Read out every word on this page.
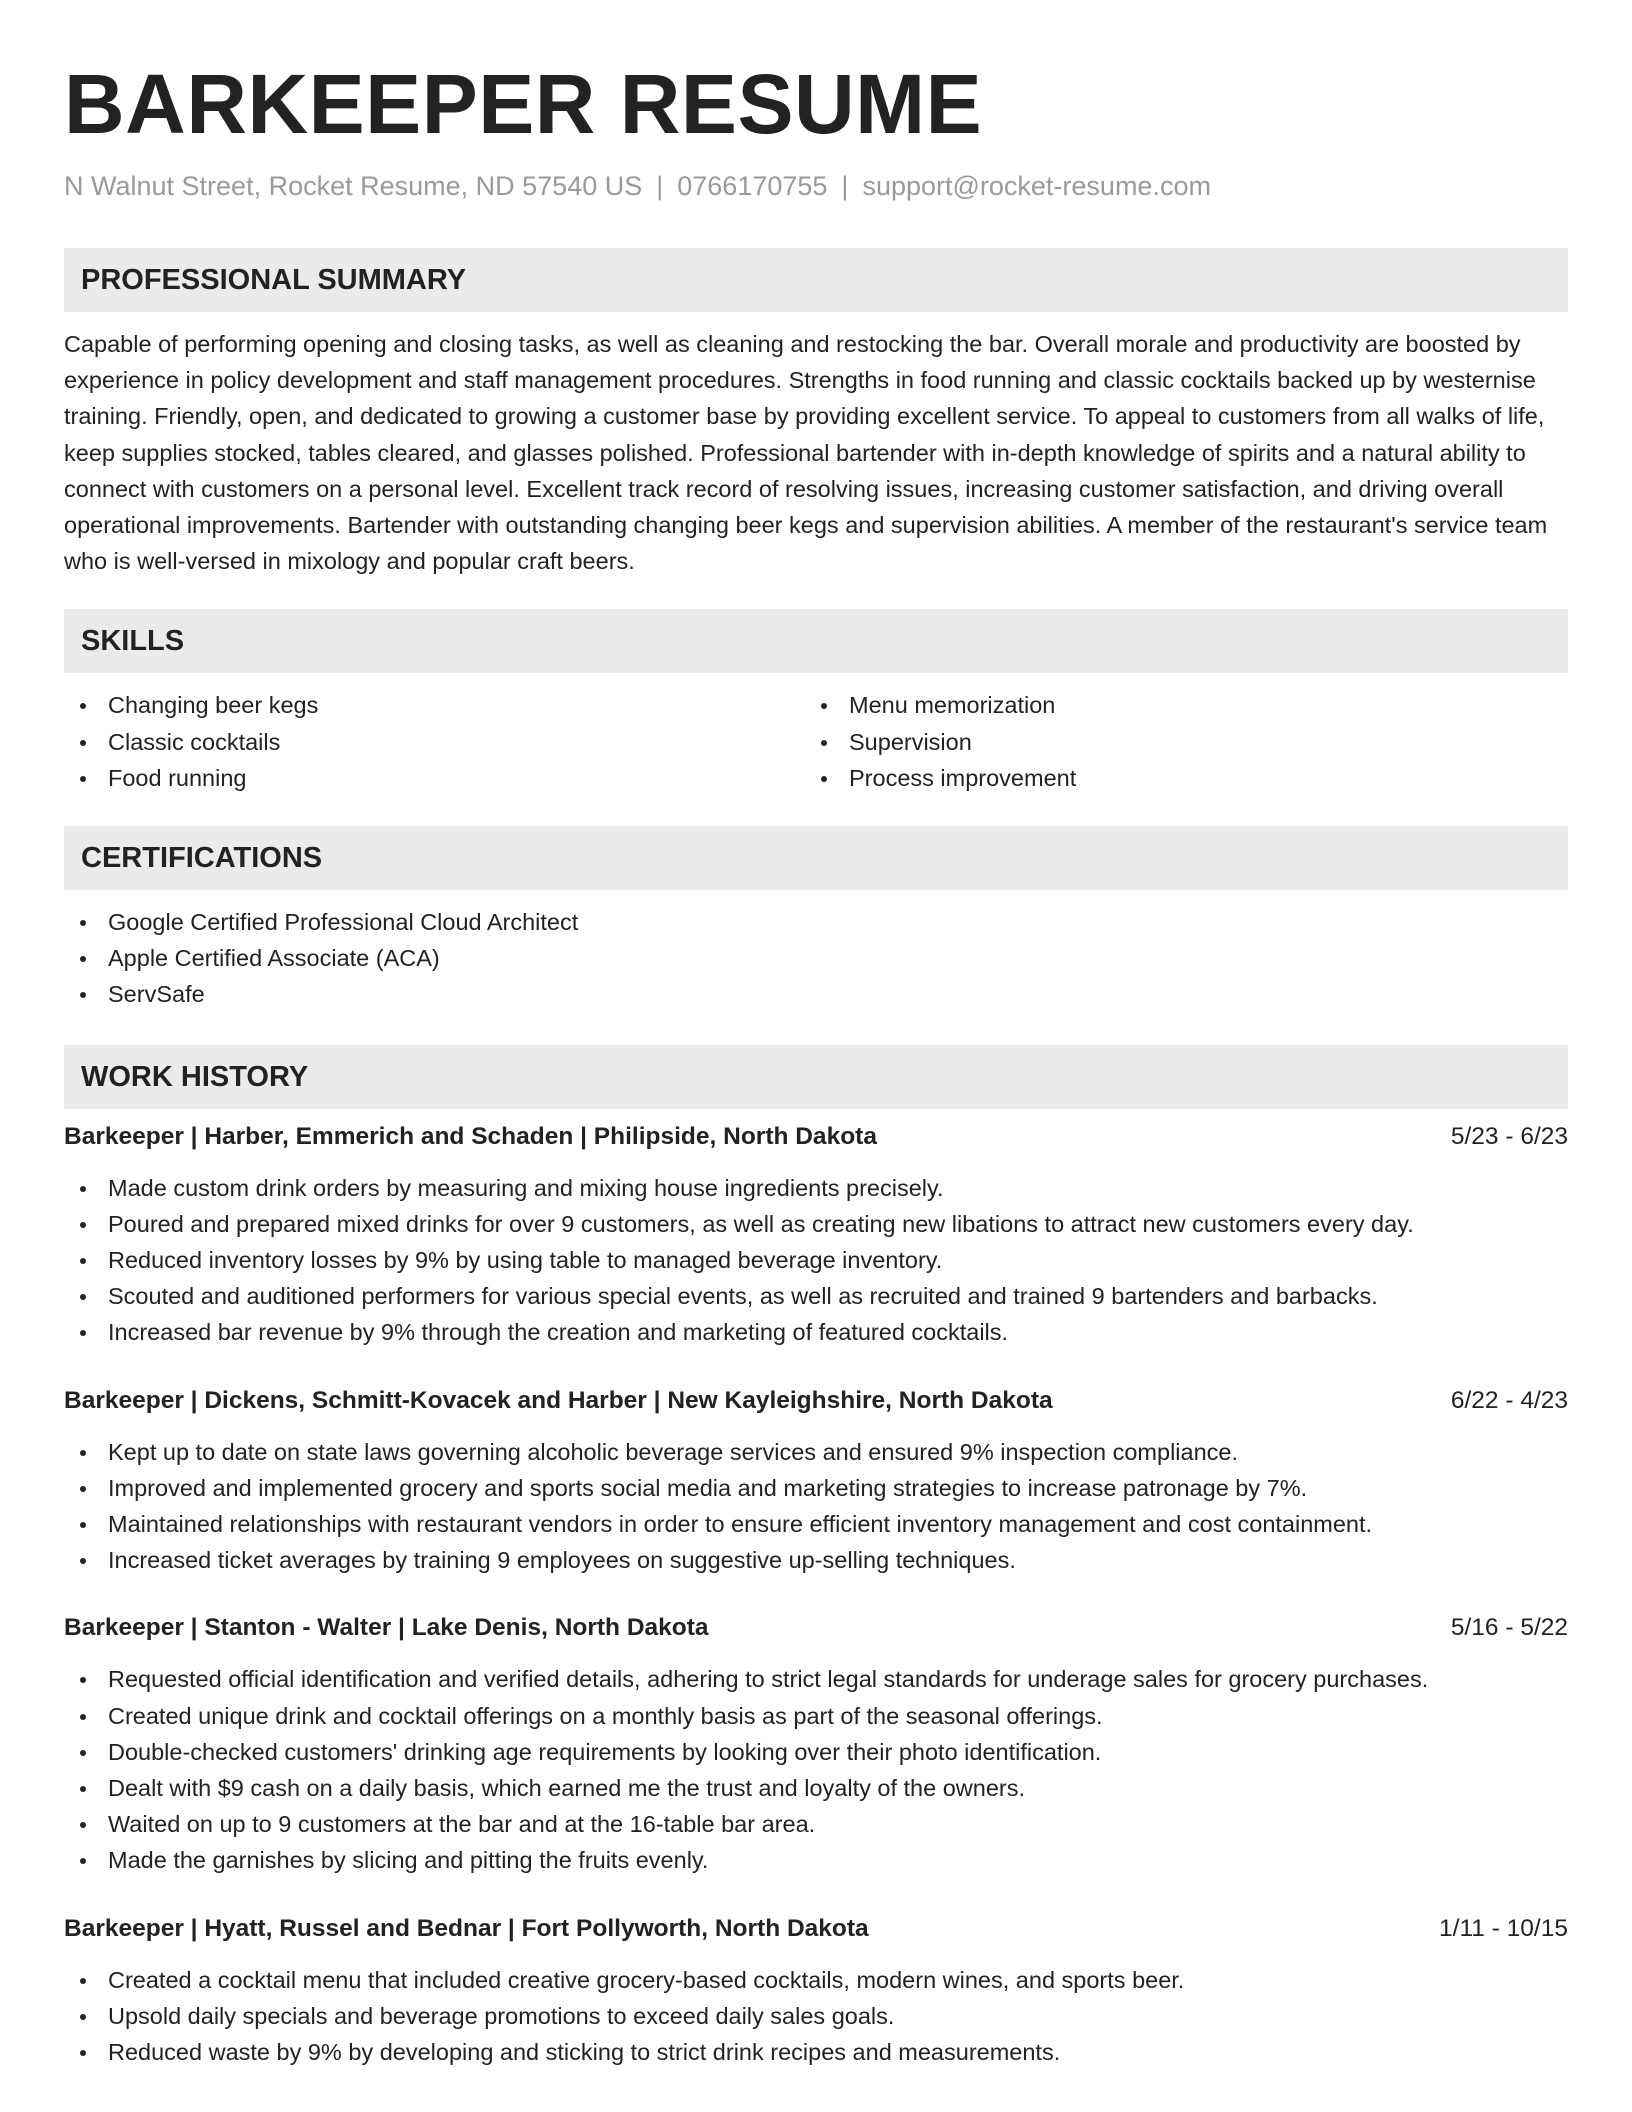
BARKEEPER RESUME
N Walnut Street, Rocket Resume, ND 57540 US | 0766170755 | support@rocket-resume.com
PROFESSIONAL SUMMARY

Capable of performing opening and closing tasks, as well as cleaning and restocking the bar. Overall morale and productivity are boosted by experience in policy development and staff management procedures. Strengths in food running and classic cocktails backed up by westernise training. Friendly, open, and dedicated to growing a customer base by providing excellent service. To appeal to customers from all walks of life, keep supplies stocked, tables cleared, and glasses polished. Professional bartender with in-depth knowledge of spirits and a natural ability to connect with customers on a personal level. Excellent track record of resolving issues, increasing customer satisfaction, and driving overall operational improvements. Bartender with outstanding changing beer kegs and supervision abilities. A member of the restaurant's service team who is well-versed in mixology and popular craft beers.

SKILLS
Changing beer kegs
Classic cocktails
Food running
Menu memorization
Supervision
Process improvement
CERTIFICATIONS
Google Certified Professional Cloud Architect
Apple Certified Associate (ACA)
ServSafe
WORK HISTORY
Barkeeper | Harber, Emmerich and Schaden | Philipside, North Dakota	5/23 - 6/23
Made custom drink orders by measuring and mixing house ingredients precisely.
Poured and prepared mixed drinks for over 9 customers, as well as creating new libations to attract new customers every day.
Reduced inventory losses by 9% by using table to managed beverage inventory.
Scouted and auditioned performers for various special events, as well as recruited and trained 9 bartenders and barbacks.
Increased bar revenue by 9% through the creation and marketing of featured cocktails.
Barkeeper | Dickens, Schmitt-Kovacek and Harber | New Kayleighshire, North Dakota	6/22 - 4/23
Kept up to date on state laws governing alcoholic beverage services and ensured 9% inspection compliance.
Improved and implemented grocery and sports social media and marketing strategies to increase patronage by 7%.
Maintained relationships with restaurant vendors in order to ensure efficient inventory management and cost containment.
Increased ticket averages by training 9 employees on suggestive up-selling techniques.
Barkeeper | Stanton - Walter | Lake Denis, North Dakota	5/16 - 5/22
Requested official identification and verified details, adhering to strict legal standards for underage sales for grocery purchases.
Created unique drink and cocktail offerings on a monthly basis as part of the seasonal offerings.
Double-checked customers' drinking age requirements by looking over their photo identification.
Dealt with $9 cash on a daily basis, which earned me the trust and loyalty of the owners.
Waited on up to 9 customers at the bar and at the 16-table bar area.
Made the garnishes by slicing and pitting the fruits evenly.
Barkeeper | Hyatt, Russel and Bednar | Fort Pollyworth, North Dakota	1/11 - 10/15
Created a cocktail menu that included creative grocery-based cocktails, modern wines, and sports beer.
Upsold daily specials and beverage promotions to exceed daily sales goals.
Reduced waste by 9% by developing and sticking to strict drink recipes and measurements.
